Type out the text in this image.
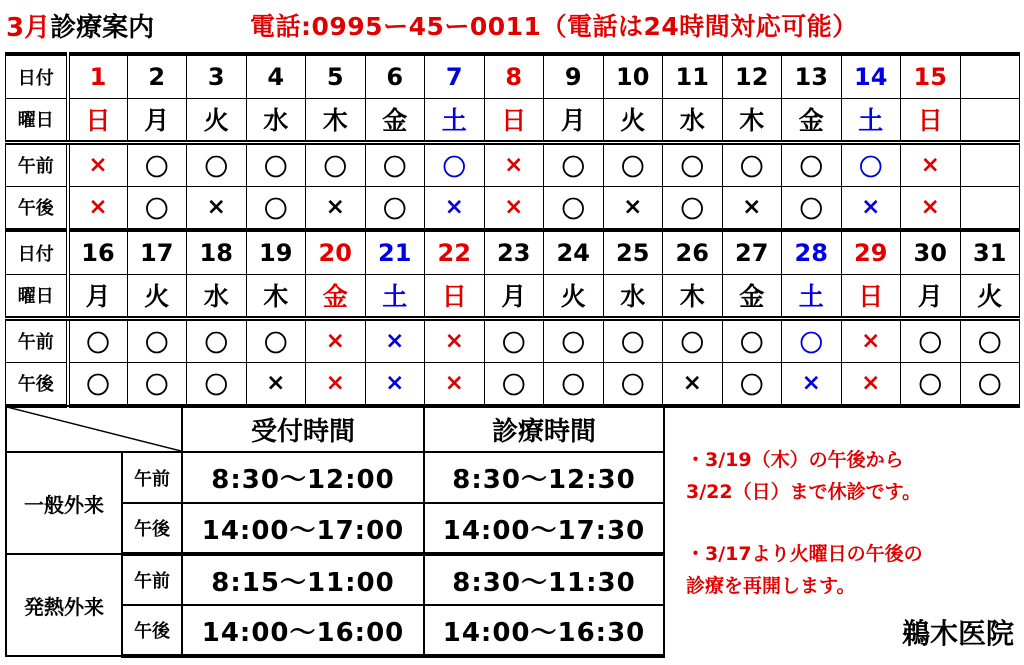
3月 診療案内	電話:0995ー45ー0011（電話は24時間対応可能）
日付	1	2	3	4	5	6	7	8	9	10	11	12	13	14	15	
曜日	日	月	火	水	木	金	土	日	月	火	水	木	金	土	日	
午前	×	〇	〇	〇	〇	〇	〇	×	〇	〇	〇	〇	〇	〇	×	
午後	×	〇	×	〇	×	〇	×	×	〇	×	〇	×	〇	×	×	
日付	16	17	18	19	20	21	22	23	24	25	26	27	28	29	30	31
曜日	月	火	水	木	金	土	日	月	火	水	木	金	土	日	月	火
午前	〇	〇	〇	〇	×	×	×	〇	〇	〇	〇	〇	〇	×	〇	〇
午後	〇	〇	〇	×	×	×	×	〇	〇	〇	×	〇	×	×	〇	〇
	受付時間	診療時間
一般外来	午前	8:30～12:00	8:30～12:30
	午後	14:00～17:00	14:00～17:30
発熱外来	午前	8:15～11:00	8:30～11:30
	午後	14:00～16:00	14:00～16:30
・3/19（木）の午後から
3/22（日）まで休診です。
・3/17より火曜日の午後の
診療を再開します。
鵜木医院
